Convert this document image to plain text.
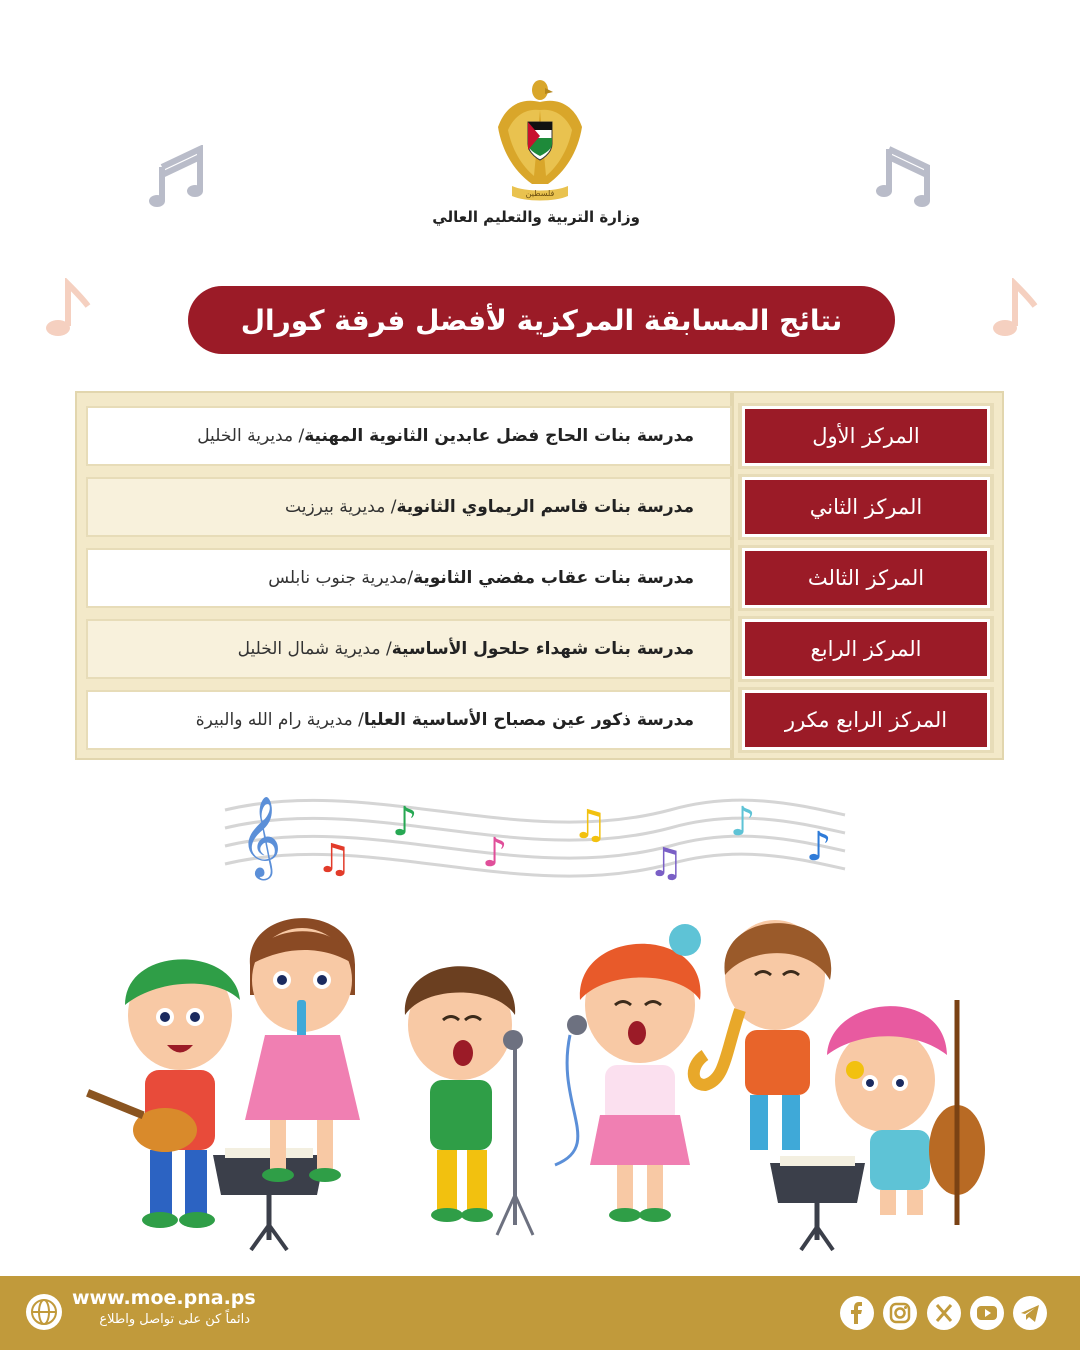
فلسطين
وزارة التربية والتعليم العالي
نتائج المسابقة المركزية لأفضل فرقة كورال
المركز الأول
مدرسة بنات الحاج فضل عابدين الثانوية المهنية
/ مديرية الخليل
المركز الثاني
مدرسة بنات قاسم الريماوي الثانوية
/ مديرية بيرزيت
المركز الثالث
مدرسة بنات عقاب مفضي الثانوية
/مديرية جنوب نابلس
المركز الرابع
مدرسة بنات شهداء حلحول الأساسية
/ مديرية شمال الخليل
المركز الرابع مكرر
مدرسة ذكور عين مصباح الأساسية العليا
/ مديرية رام الله والبيرة
𝄞 ♫
♪
♪
♫
♫
♪
♪
www.moe.pna.ps
دائماً كن على تواصل واطلاع
